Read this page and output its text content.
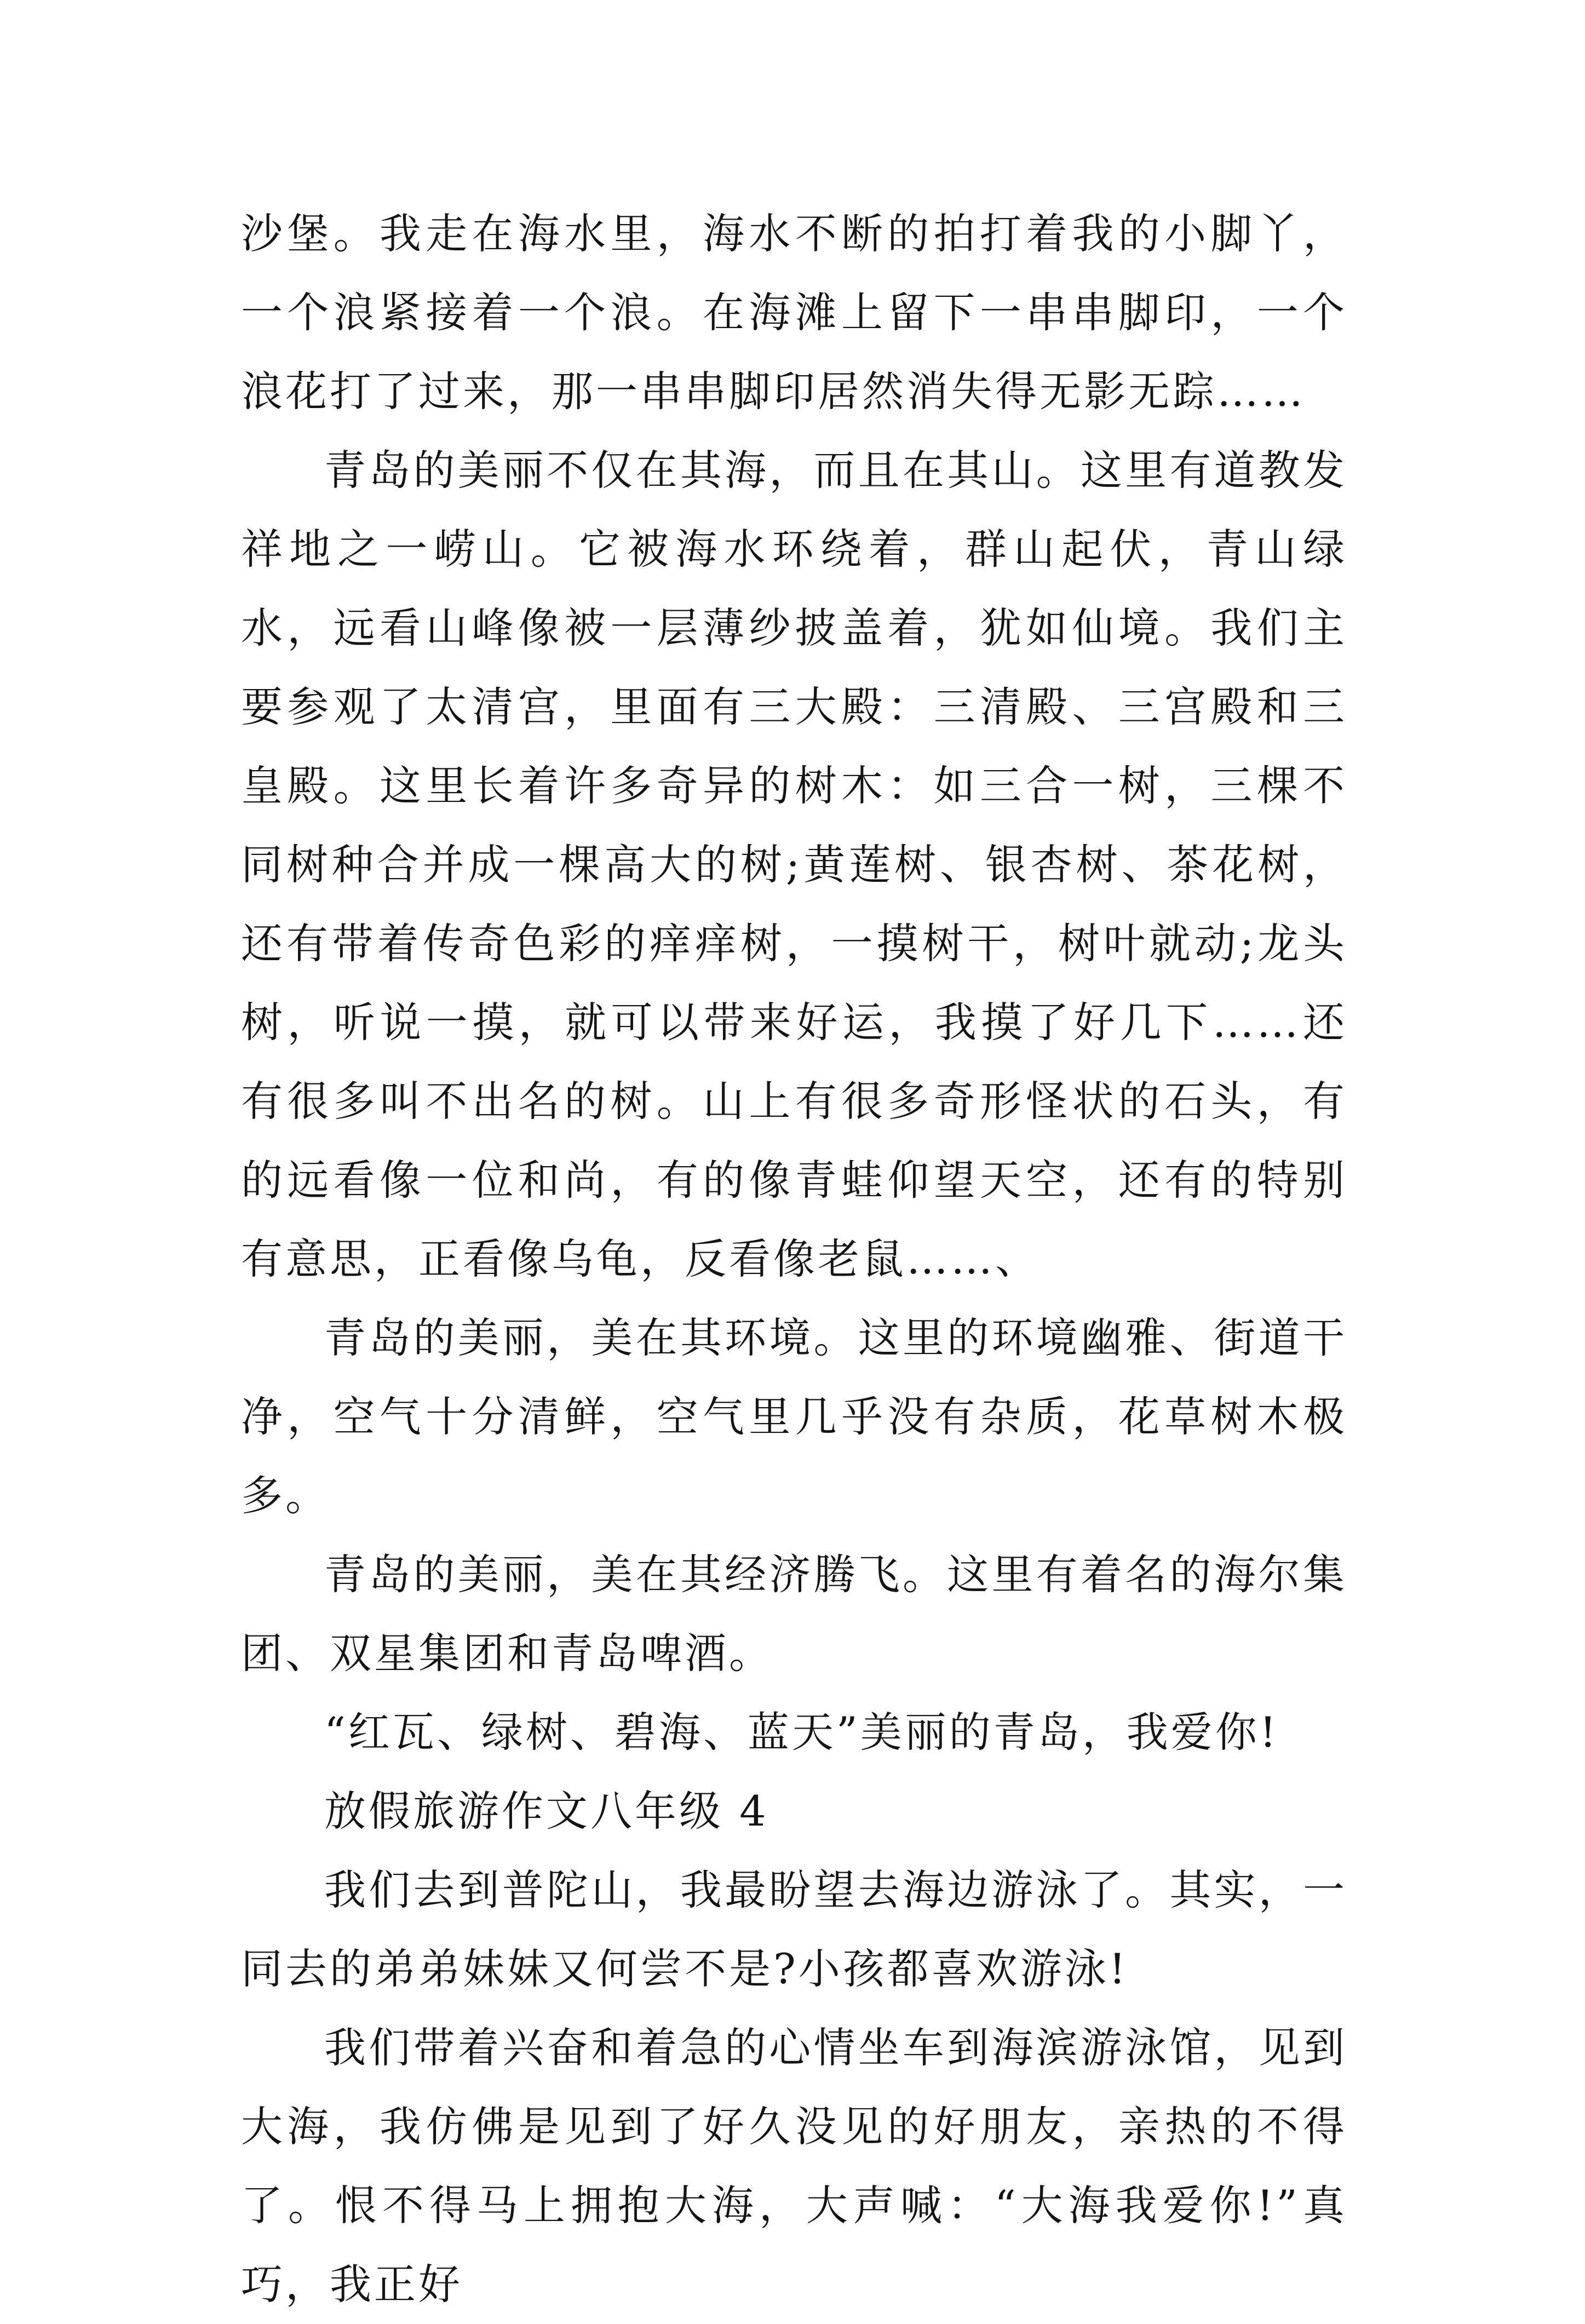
沙堡。我走在海水里，海水不断的拍打着我的小脚丫，一个浪紧接着一个浪。在海滩上留下一串串脚印，一个浪花打了过来，那一串串脚印居然消失得无影无踪……

青岛的美丽不仅在其海，而且在其山。这里有道教发祥地之一崂山。它被海水环绕着，群山起伏，青山绿水，远看山峰像被一层薄纱披盖着，犹如仙境。我们主要参观了太清宫，里面有三大殿：三清殿、三宫殿和三皇殿。这里长着许多奇异的树木：如三合一树，三棵不同树种合并成一棵高大的树;黄莲树、银杏树、茶花树，还有带着传奇色彩的痒痒树，一摸树干，树叶就动;龙头树，听说一摸，就可以带来好运，我摸了好几下……还有很多叫不出名的树。山上有很多奇形怪状的石头，有的远看像一位和尚，有的像青蛙仰望天空，还有的特别有意思，正看像乌龟，反看像老鼠……、

青岛的美丽，美在其环境。这里的环境幽雅、街道干净，空气十分清鲜，空气里几乎没有杂质，花草树木极多。

青岛的美丽，美在其经济腾飞。这里有着名的海尔集团、双星集团和青岛啤酒。

“红瓦、绿树、碧海、蓝天”美丽的青岛，我爱你!

放假旅游作文八年级 4

我们去到普陀山，我最盼望去海边游泳了。其实，一同去的弟弟妹妹又何尝不是?小孩都喜欢游泳!

我们带着兴奋和着急的心情坐车到海滨游泳馆，见到大海，我仿佛是见到了好久没见的好朋友，亲热的不得了。恨不得马上拥抱大海，大声喊：“大海我爱你!”真巧，我正好
